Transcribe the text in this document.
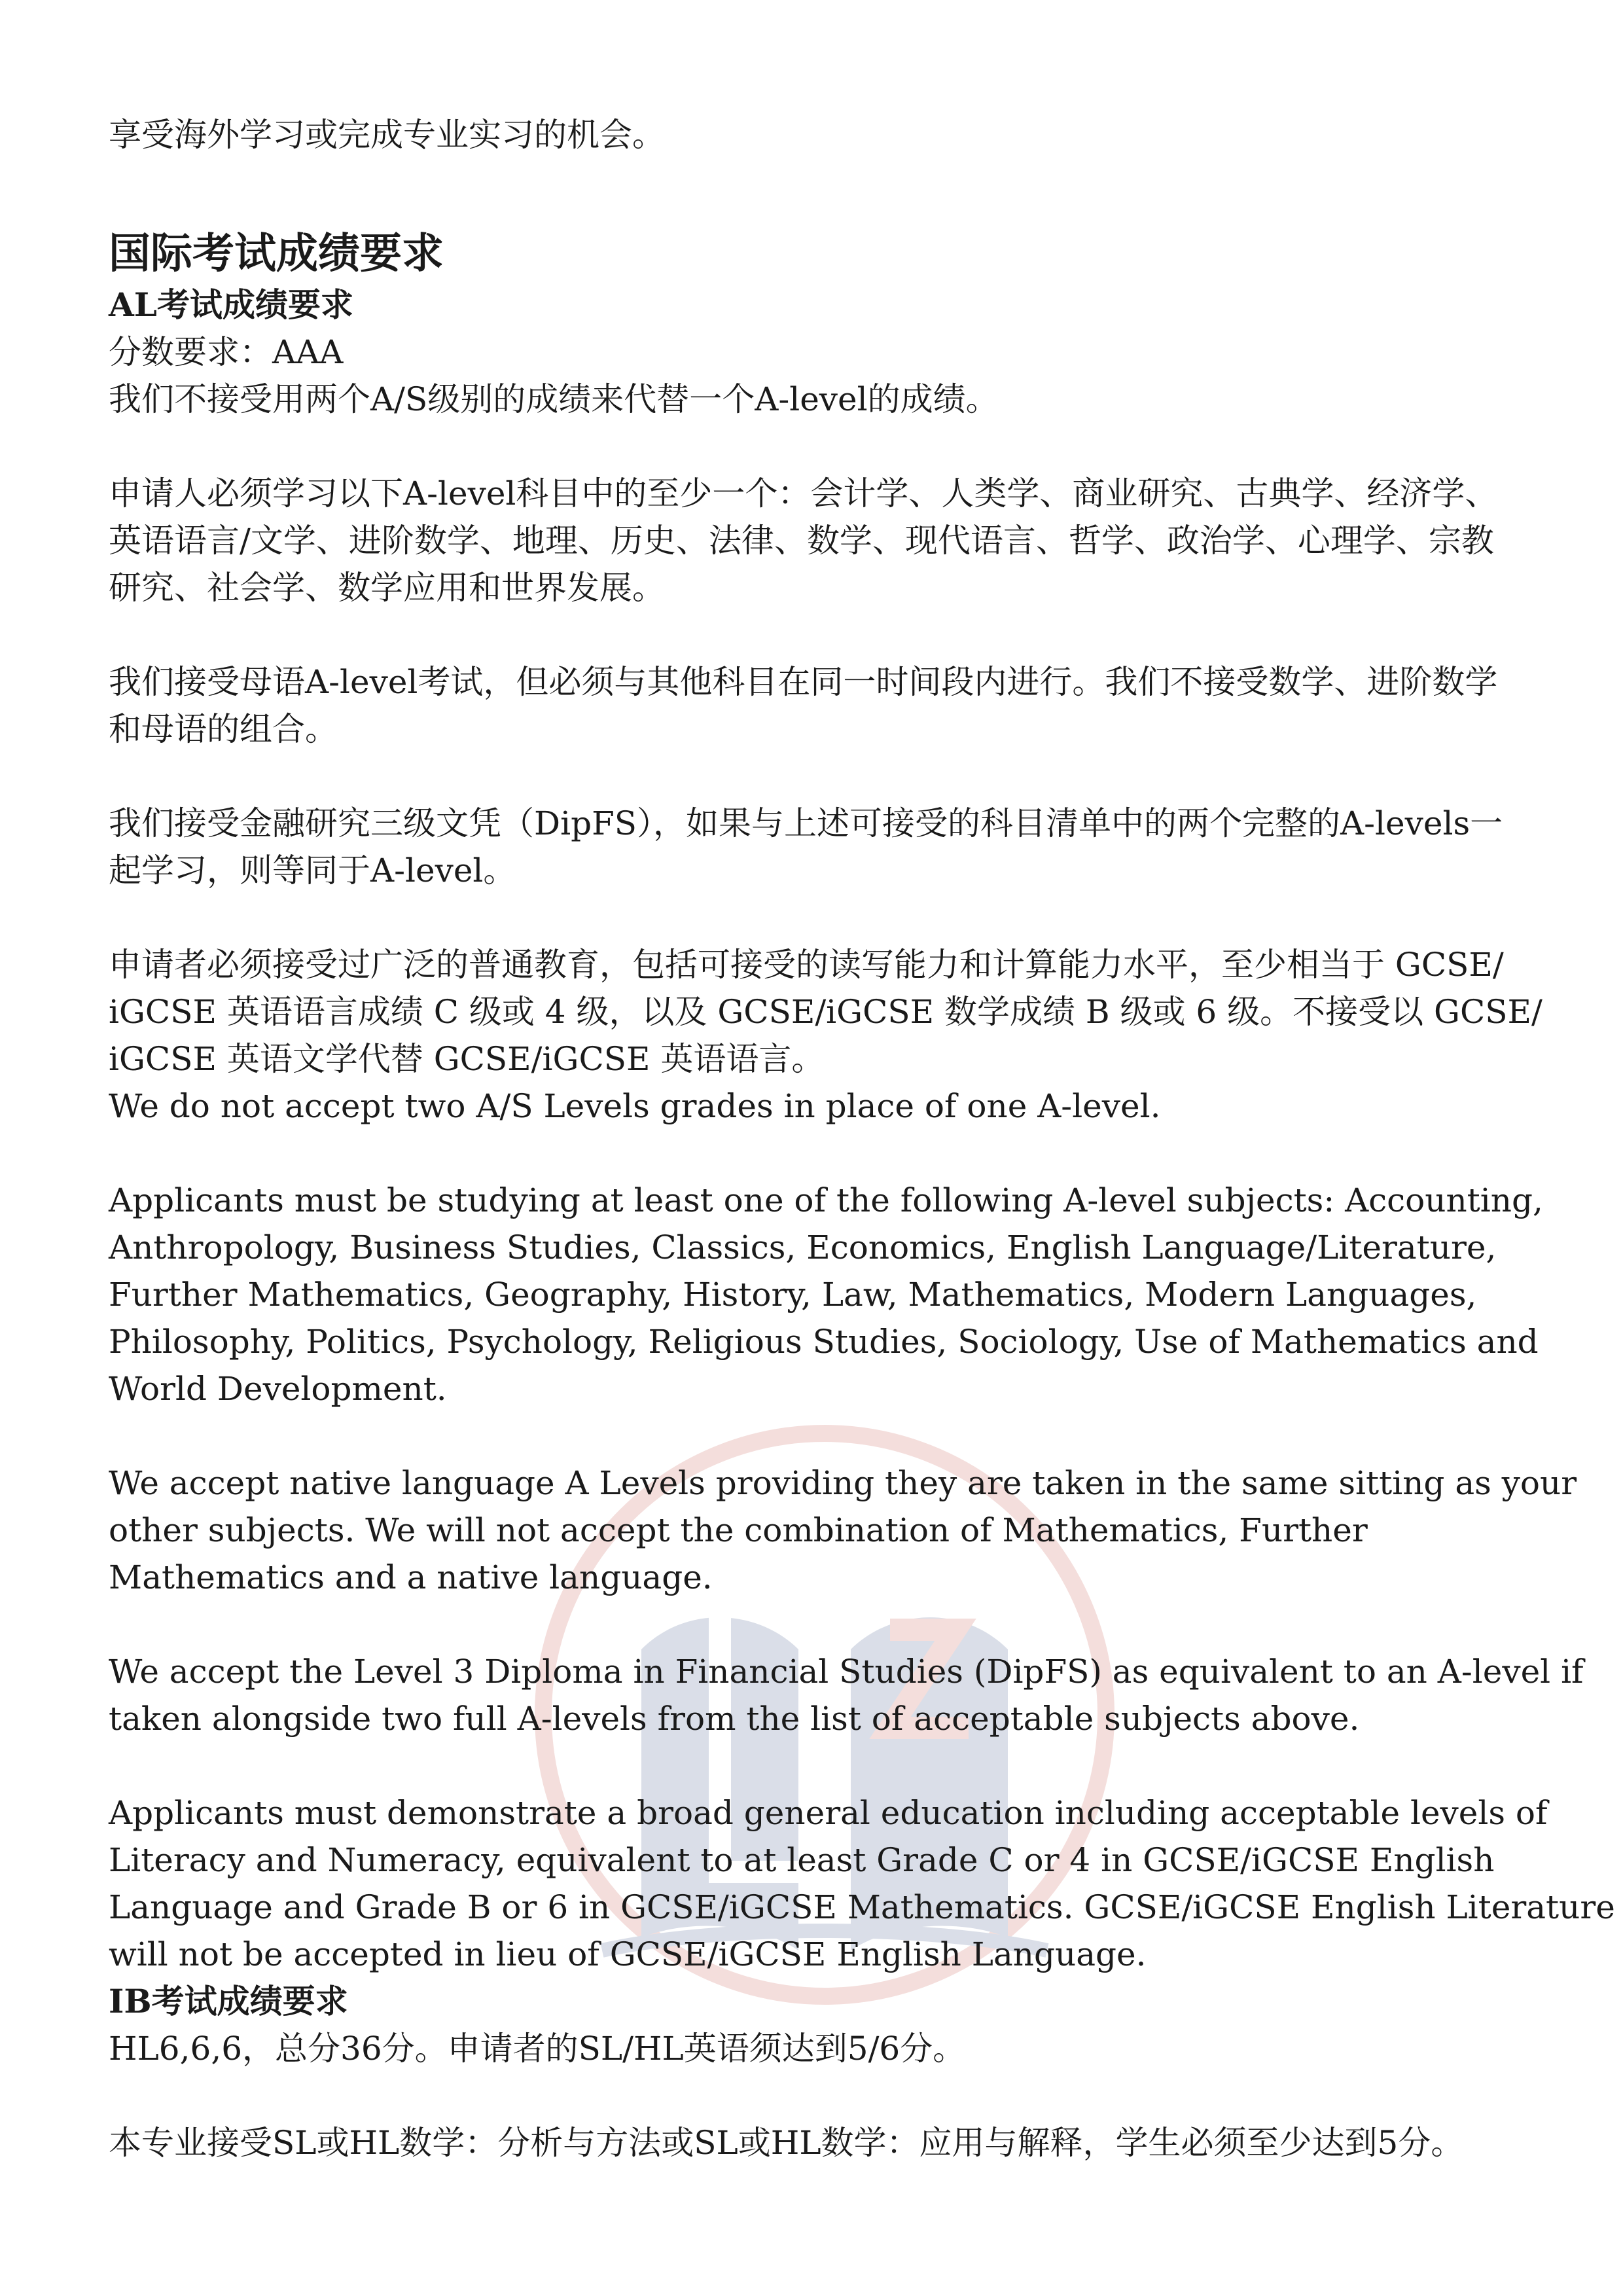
享受海外学习或完成专业实习的机会。
国际考试成绩要求
AL考试成绩要求
分数要求：AAA
我们不接受用两个A/S级别的成绩来代替一个A-level的成绩。
申请人必须学习以下A-level科目中的至少一个：会计学、人类学、商业研究、古典学、经济学、
英语语言/文学、进阶数学、地理、历史、法律、数学、现代语言、哲学、政治学、心理学、宗教
研究、社会学、数学应用和世界发展。
我们接受母语A-level考试，但必须与其他科目在同一时间段内进行。我们不接受数学、进阶数学
和母语的组合。
我们接受金融研究三级文凭（DipFS），如果与上述可接受的科目清单中的两个完整的A-levels一
起学习，则等同于A-level。
申请者必须接受过广泛的普通教育，包括可接受的读写能力和计算能力水平，至少相当于 GCSE/
iGCSE 英语语言成绩 C 级或 4 级，以及 GCSE/iGCSE 数学成绩 B 级或 6 级。不接受以 GCSE/
iGCSE 英语文学代替 GCSE/iGCSE 英语语言。
We do not accept two A/S Levels grades in place of one A-level.
Applicants must be studying at least one of the following A-level subjects: Accounting,
Anthropology, Business Studies, Classics, Economics, English Language/Literature,
Further Mathematics, Geography, History, Law, Mathematics, Modern Languages,
Philosophy, Politics, Psychology, Religious Studies, Sociology, Use of Mathematics and
World Development.
We accept native language A Levels providing they are taken in the same sitting as your
other subjects. We will not accept the combination of Mathematics, Further
Mathematics and a native language.
We accept the Level 3 Diploma in Financial Studies (DipFS) as equivalent to an A-level if
taken alongside two full A-levels from the list of acceptable subjects above.
Applicants must demonstrate a broad general education including acceptable levels of
Literacy and Numeracy, equivalent to at least Grade C or 4 in GCSE/iGCSE English
Language and Grade B or 6 in GCSE/iGCSE Mathematics. GCSE/iGCSE English Literature
will not be accepted in lieu of GCSE/iGCSE English Language.
IB考试成绩要求
HL6,6,6，总分36分。申请者的SL/HL英语须达到5/6分。
本专业接受SL或HL数学：分析与方法或SL或HL数学：应用与解释，学生必须至少达到5分。
